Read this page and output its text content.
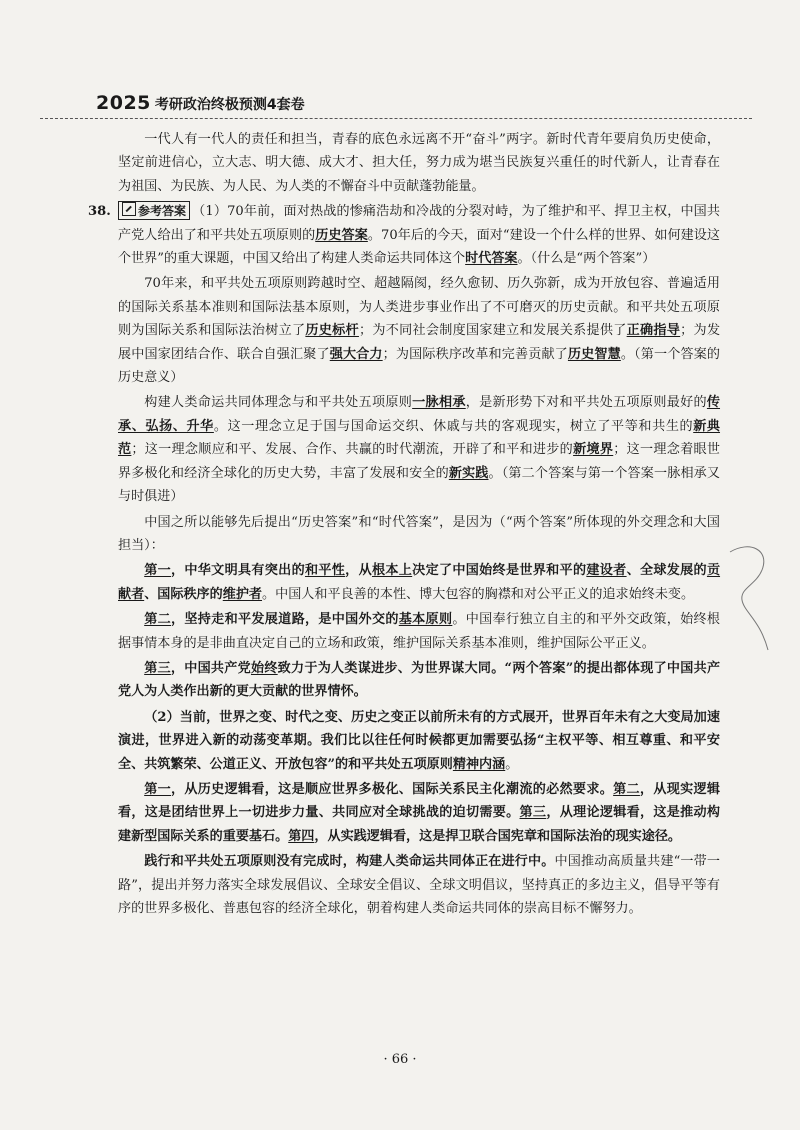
2025 考研政治终极预测4套卷

一代人有一代人的责任和担当，青春的底色永远离不开“奋斗”两字。新时代青年要肩负历史使命，坚定前进信心，立大志、明大德、成大才、担大任，努力成为堪当民族复兴重任的时代新人，让青春在为祖国、为民族、为人民、为人类的不懈奋斗中贡献蓬勃能量。

38. 参考答案 （1）70年前，面对热战的惨痛浩劫和冷战的分裂对峙，为了维护和平、捍卫主权，中国共产党人给出了和平共处五项原则的历史答案。70年后的今天，面对“建设一个什么样的世界、如何建设这个世界”的重大课题，中国又给出了构建人类命运共同体这个时代答案。（什么是“两个答案”）

70年来，和平共处五项原则跨越时空、超越隔阂，经久愈韧、历久弥新，成为开放包容、普遍适用的国际关系基本准则和国际法基本原则，为人类进步事业作出了不可磨灭的历史贡献。和平共处五项原则为国际关系和国际法治树立了历史标杆；为不同社会制度国家建立和发展关系提供了正确指导；为发展中国家团结合作、联合自强汇聚了强大合力；为国际秩序改革和完善贡献了历史智慧。（第一个答案的历史意义）

构建人类命运共同体理念与和平共处五项原则一脉相承，是新形势下对和平共处五项原则最好的传承、弘扬、升华。这一理念立足于国与国命运交织、休戚与共的客观现实，树立了平等和共生的新典范；这一理念顺应和平、发展、合作、共赢的时代潮流，开辟了和平和进步的新境界；这一理念着眼世界多极化和经济全球化的历史大势，丰富了发展和安全的新实践。（第二个答案与第一个答案一脉相承又与时俱进）

中国之所以能够先后提出“历史答案”和“时代答案”，是因为（“两个答案”所体现的外交理念和大国担当）：

第一，中华文明具有突出的和平性，从根本上决定了中国始终是世界和平的建设者、全球发展的贡献者、国际秩序的维护者。中国人和平良善的本性、博大包容的胸襟和对公平正义的追求始终未变。

第二，坚持走和平发展道路，是中国外交的基本原则。中国奉行独立自主的和平外交政策，始终根据事情本身的是非曲直决定自己的立场和政策，维护国际关系基本准则，维护国际公平正义。

第三，中国共产党始终致力于为人类谋进步、为世界谋大同。“两个答案”的提出都体现了中国共产党人为人类作出新的更大贡献的世界情怀。

（2）当前，世界之变、时代之变、历史之变正以前所未有的方式展开，世界百年未有之大变局加速演进，世界进入新的动荡变革期。我们比以往任何时候都更加需要弘扬“主权平等、相互尊重、和平安全、共筑繁荣、公道正义、开放包容”的和平共处五项原则精神内涵。

第一，从历史逻辑看，这是顺应世界多极化、国际关系民主化潮流的必然要求。第二，从现实逻辑看，这是团结世界上一切进步力量、共同应对全球挑战的迫切需要。第三，从理论逻辑看，这是推动构建新型国际关系的重要基石。第四，从实践逻辑看，这是捍卫联合国宪章和国际法治的现实途径。

践行和平共处五项原则没有完成时，构建人类命运共同体正在进行中。中国推动高质量共建“一带一路”，提出并努力落实全球发展倡议、全球安全倡议、全球文明倡议，坚持真正的多边主义，倡导平等有序的世界多极化、普惠包容的经济全球化，朝着构建人类命运共同体的崇高目标不懈努力。

· 66 ·
